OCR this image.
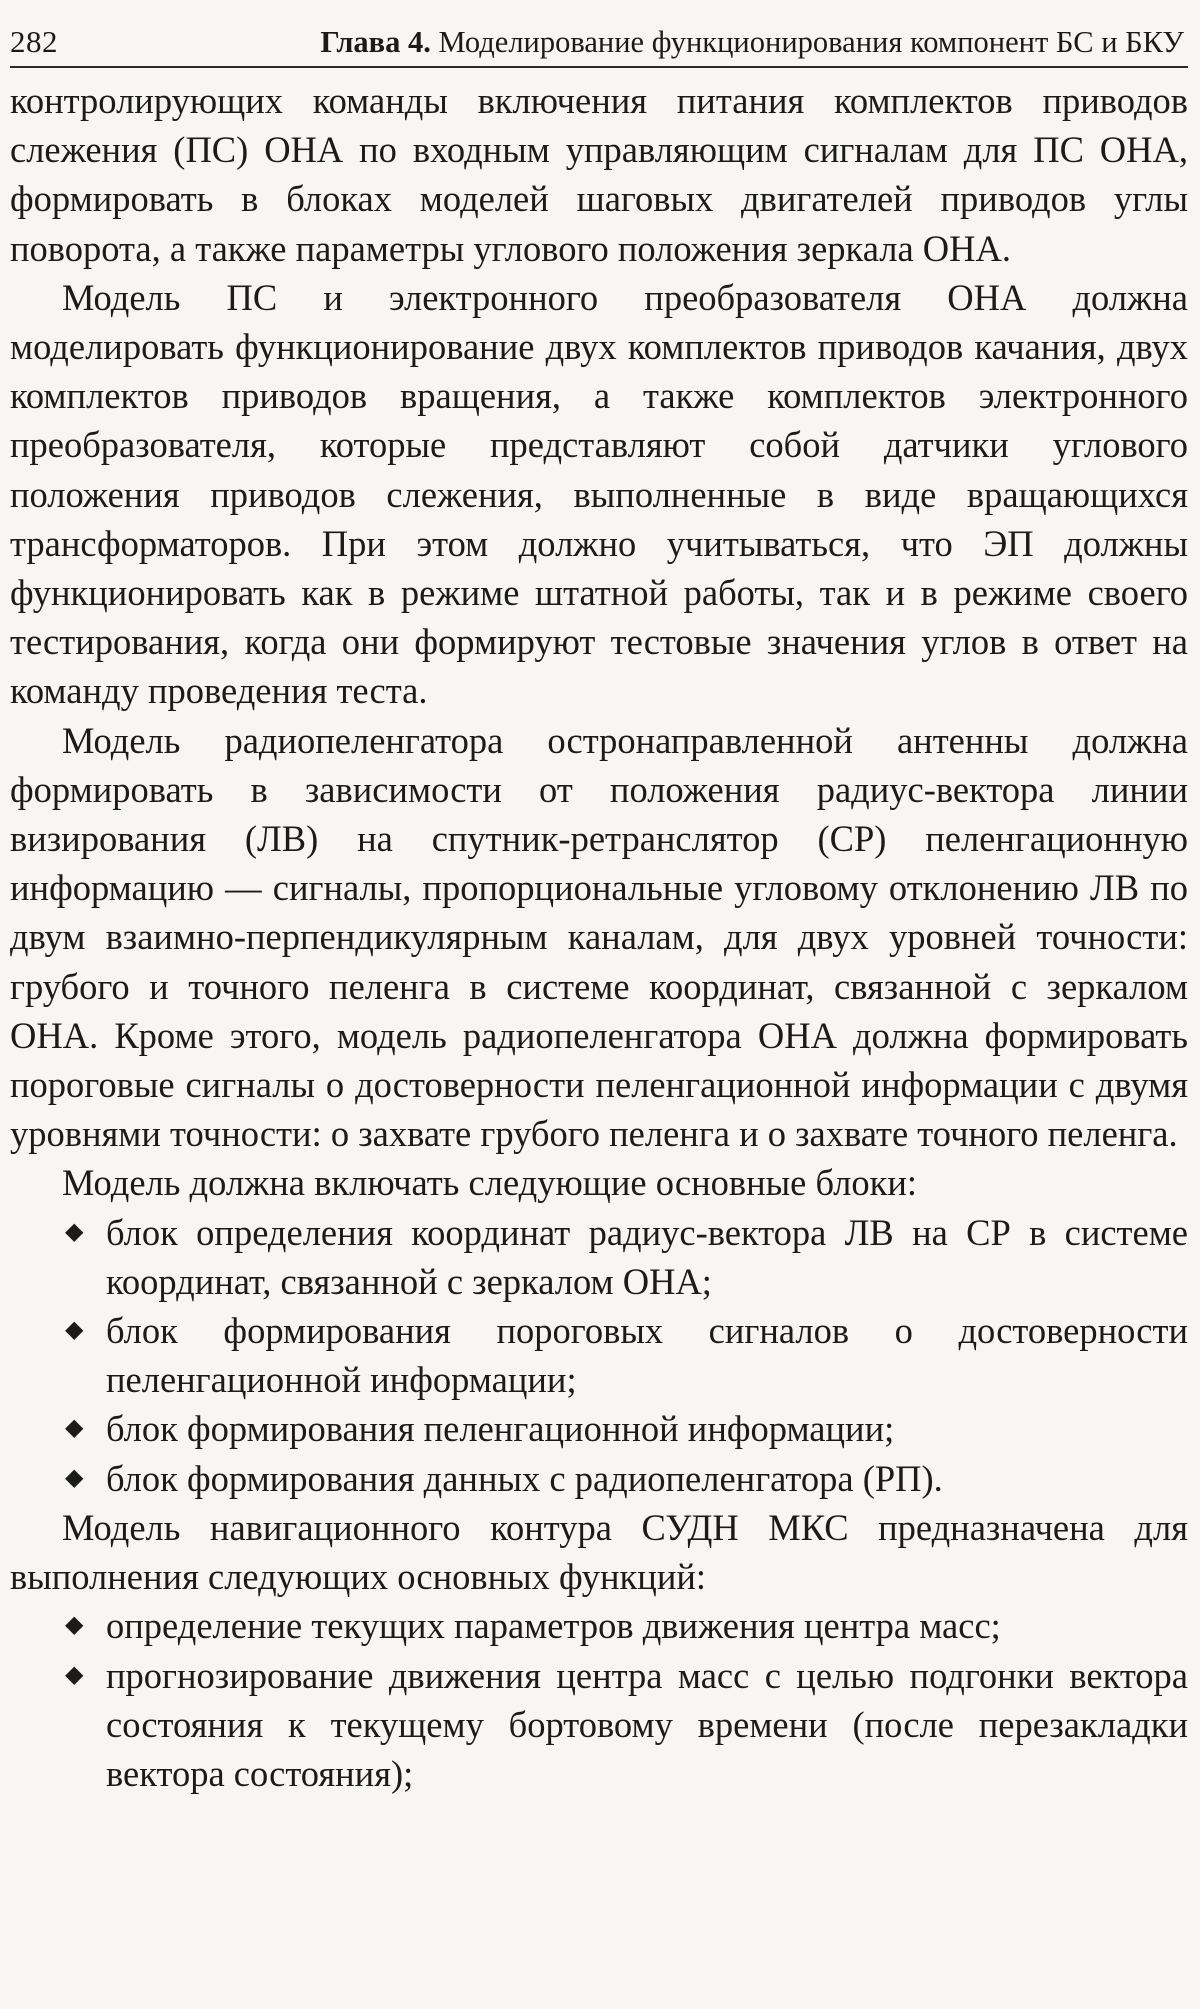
282	Глава 4. Моделирование функционирования компонент БС и БКУ

контролирующих команды включения питания комплектов приводов слежения (ПС) ОНА по входным управляющим сигналам для ПС ОНА, формировать в блоках моделей шаговых двигателей приводов углы поворота, а также параметры углового положения зеркала ОНА.

Модель ПС и электронного преобразователя ОНА должна моделировать функционирование двух комплектов приводов качания, двух комплектов приводов вращения, а также комплектов электронного преобразователя, которые представляют собой датчики углового положения приводов слежения, выполненные в виде вращающихся трансформаторов. При этом должно учитываться, что ЭП должны функционировать как в режиме штатной работы, так и в режиме своего тестирования, когда они формируют тестовые значения углов в ответ на команду проведения теста.

Модель радиопеленгатора остронаправленной антенны должна формировать в зависимости от положения радиус-вектора линии визирования (ЛВ) на спутник-ретранслятор (СР) пеленгационную информацию — сигналы, пропорциональные угловому отклонению ЛВ по двум взаимно-перпендикулярным каналам, для двух уровней точности: грубого и точного пеленга в системе координат, связанной с зеркалом ОНА. Кроме этого, модель радиопеленгатора ОНА должна формировать пороговые сигналы о достоверности пеленгационной информации с двумя уровнями точности: о захвате грубого пеленга и о захвате точного пеленга.

Модель должна включать следующие основные блоки:

◆ блок определения координат радиус-вектора ЛВ на СР в системе координат, связанной с зеркалом ОНА;
◆ блок формирования пороговых сигналов о достоверности пеленгационной информации;
◆ блок формирования пеленгационной информации;
◆ блок формирования данных с радиопеленгатора (РП).

Модель навигационного контура СУДН МКС предназначена для выполнения следующих основных функций:

◆ определение текущих параметров движения центра масс;
◆ прогнозирование движения центра масс с целью подгонки вектора состояния к текущему бортовому времени (после перезакладки вектора состояния);
